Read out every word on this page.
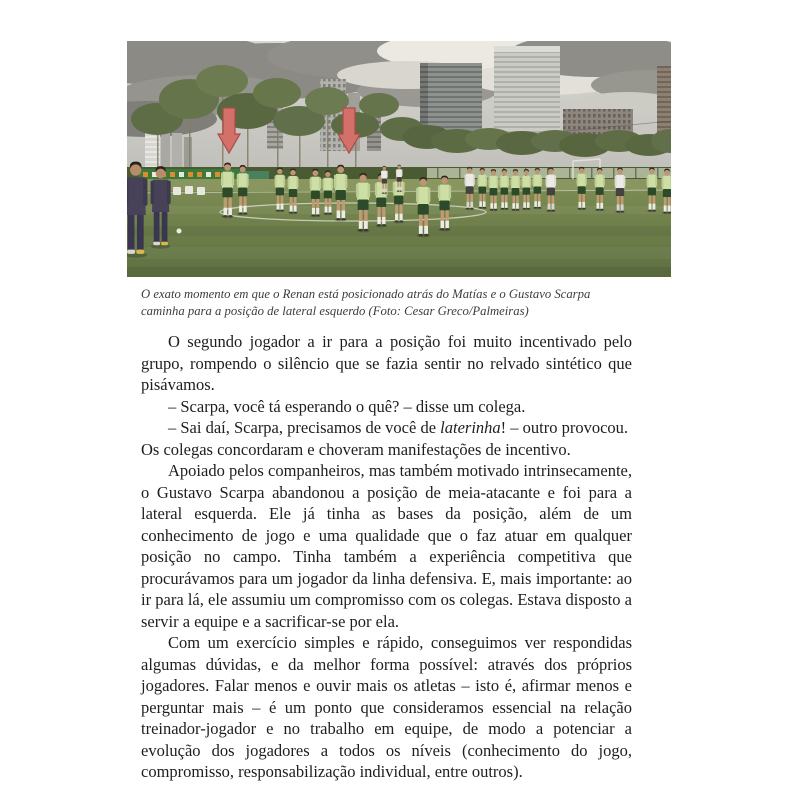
O exato momento em que o Renan está posicionado atrás do Matías e o Gustavo Scarpa caminha para a posição de lateral esquerdo (Foto: Cesar Greco/Palmeiras)

O segundo jogador a ir para a posição foi muito incentivado pelo grupo, rompendo o silêncio que se fazia sentir no relvado sintético que pisávamos.

– Scarpa, você tá esperando o quê? – disse um colega.

– Sai daí, Scarpa, precisamos de você de laterinha! – outro provocou.

Os colegas concordaram e choveram manifestações de incentivo.

Apoiado pelos companheiros, mas também motivado intrinsecamente, o Gustavo Scarpa abandonou a posição de meia-atacante e foi para a lateral esquerda. Ele já tinha as bases da posição, além de um conhecimento de jogo e uma qualidade que o faz atuar em qualquer posição no campo. Tinha também a experiência competitiva que procurávamos para um jogador da linha defensiva. E, mais importante: ao ir para lá, ele assumiu um compromisso com os colegas. Estava disposto a servir a equipe e a sacrificar-se por ela.

Com um exercício simples e rápido, conseguimos ver respondidas algumas dúvidas, e da melhor forma possível: através dos próprios jogadores. Falar menos e ouvir mais os atletas – isto é, afirmar menos e perguntar mais – é um ponto que consideramos essencial na relação treinador-jogador e no trabalho em equipe, de modo a potenciar a evolução dos jogadores a todos os níveis (conhecimento do jogo, compromisso, responsabilização individual, entre outros).
